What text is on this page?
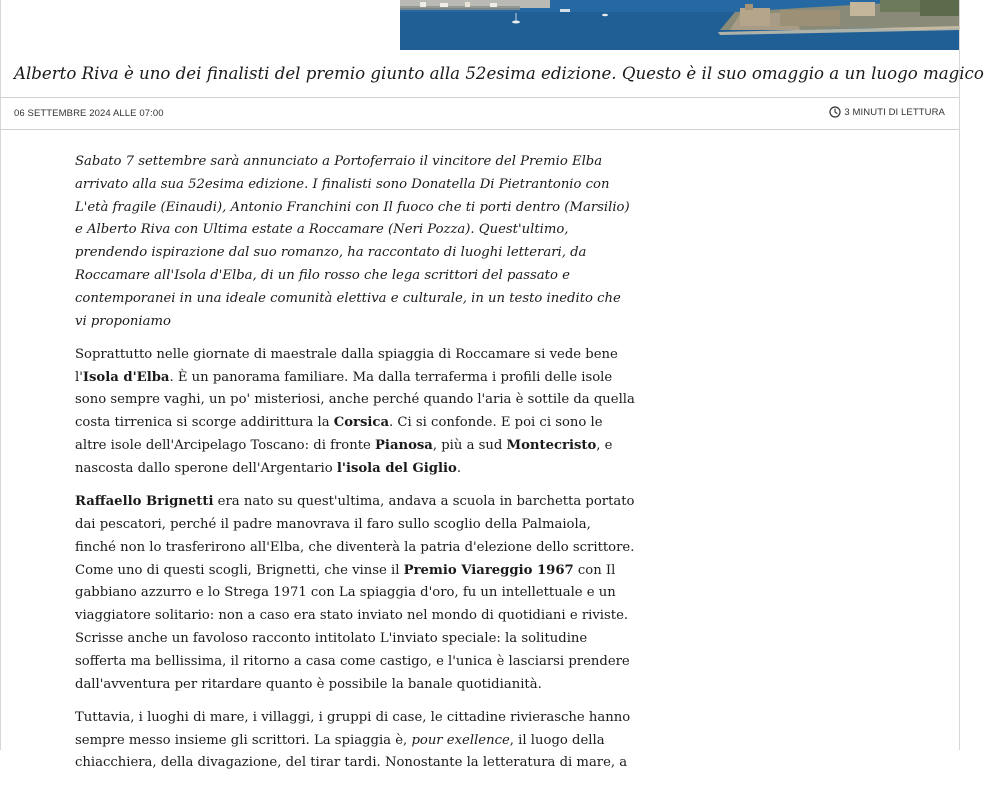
Alberto Riva è uno dei finalisti del premio giunto alla 52esima edizione. Questo è il suo omaggio a un luogo magico

06 SETTEMBRE 2024 ALLE 07:00	3 MINUTI DI LETTURA

Sabato 7 settembre sarà annunciato a Portoferraio il vincitore del Premio Elba arrivato alla sua 52esima edizione. I finalisti sono Donatella Di Pietrantonio con L'età fragile (Einaudi), Antonio Franchini con Il fuoco che ti porti dentro (Marsilio) e Alberto Riva con Ultima estate a Roccamare (Neri Pozza). Quest'ultimo, prendendo ispirazione dal suo romanzo, ha raccontato di luoghi letterari, da Roccamare all'Isola d'Elba, di un filo rosso che lega scrittori del passato e contemporanei in una ideale comunità elettiva e culturale, in un testo inedito che vi proponiamo

Soprattutto nelle giornate di maestrale dalla spiaggia di Roccamare si vede bene l'Isola d'Elba. È un panorama familiare. Ma dalla terraferma i profili delle isole sono sempre vaghi, un po' misteriosi, anche perché quando l'aria è sottile da quella costa tirrenica si scorge addirittura la Corsica. Ci si confonde. E poi ci sono le altre isole dell'Arcipelago Toscano: di fronte Pianosa, più a sud Montecristo, e nascosta dallo sperone dell'Argentario l'isola del Giglio.

Raffaello Brignetti era nato su quest'ultima, andava a scuola in barchetta portato dai pescatori, perché il padre manovrava il faro sullo scoglio della Palmaiola, finché non lo trasferirono all'Elba, che diventerà la patria d'elezione dello scrittore. Come uno di questi scogli, Brignetti, che vinse il Premio Viareggio 1967 con Il gabbiano azzurro e lo Strega 1971 con La spiaggia d'oro, fu un intellettuale e un viaggiatore solitario: non a caso era stato inviato nel mondo di quotidiani e riviste. Scrisse anche un favoloso racconto intitolato L'inviato speciale: la solitudine sofferta ma bellissima, il ritorno a casa come castigo, e l'unica è lasciarsi prendere dall'avventura per ritardare quanto è possibile la banale quotidianità.

Tuttavia, i luoghi di mare, i villaggi, i gruppi di case, le cittadine rivierasche hanno sempre messo insieme gli scrittori. La spiaggia è, pour exellence, il luogo della chiacchiera, della divagazione, del tirar tardi. Nonostante la letteratura di mare, a
